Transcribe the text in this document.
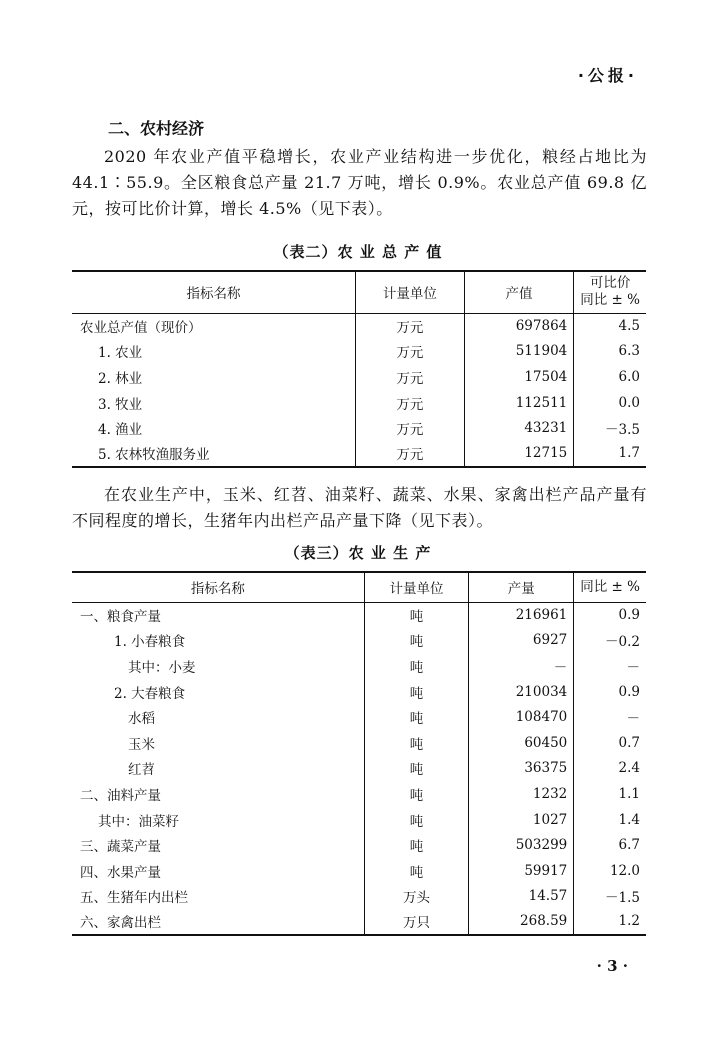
·公报·
二、农村经济

2020 年农业产值平稳增长，农业产业结构进一步优化，粮经占地比为 44.1∶55.9。全区粮食总产量 21.7 万吨，增长 0.9%。农业总产值 69.8 亿元，按可比价计算，增长 4.5%（见下表）。

（表二）农 业 总 产 值
指标名称	计量单位	产值	可比价
同比 ± %
农业总产值（现价）	万元	697864	4.5
1. 农业	万元	511904	6.3
2. 林业	万元	17504	6.0
3. 牧业	万元	112511	0.0
4. 渔业	万元	43231	－3.5
5. 农林牧渔服务业	万元	12715	1.7

在农业生产中，玉米、红苕、油菜籽、蔬菜、水果、家禽出栏产品产量有不同程度的增长，生猪年内出栏产品产量下降（见下表）。

（表三）农 业 生 产
指标名称	计量单位	产量	同比 ± %
一、粮食产量	吨	216961	0.9
1. 小春粮食	吨	6927	－0.2
其中：小麦	吨	－	－
2. 大春粮食	吨	210034	0.9
水稻	吨	108470	－
玉米	吨	60450	0.7
红苕	吨	36375	2.4
二、油料产量	吨	1232	1.1
其中：油菜籽	吨	1027	1.4
三、蔬菜产量	吨	503299	6.7
四、水果产量	吨	59917	12.0
五、生猪年内出栏	万头	14.57	－1.5
六、家禽出栏	万只	268.59	1.2
· 3 ·
